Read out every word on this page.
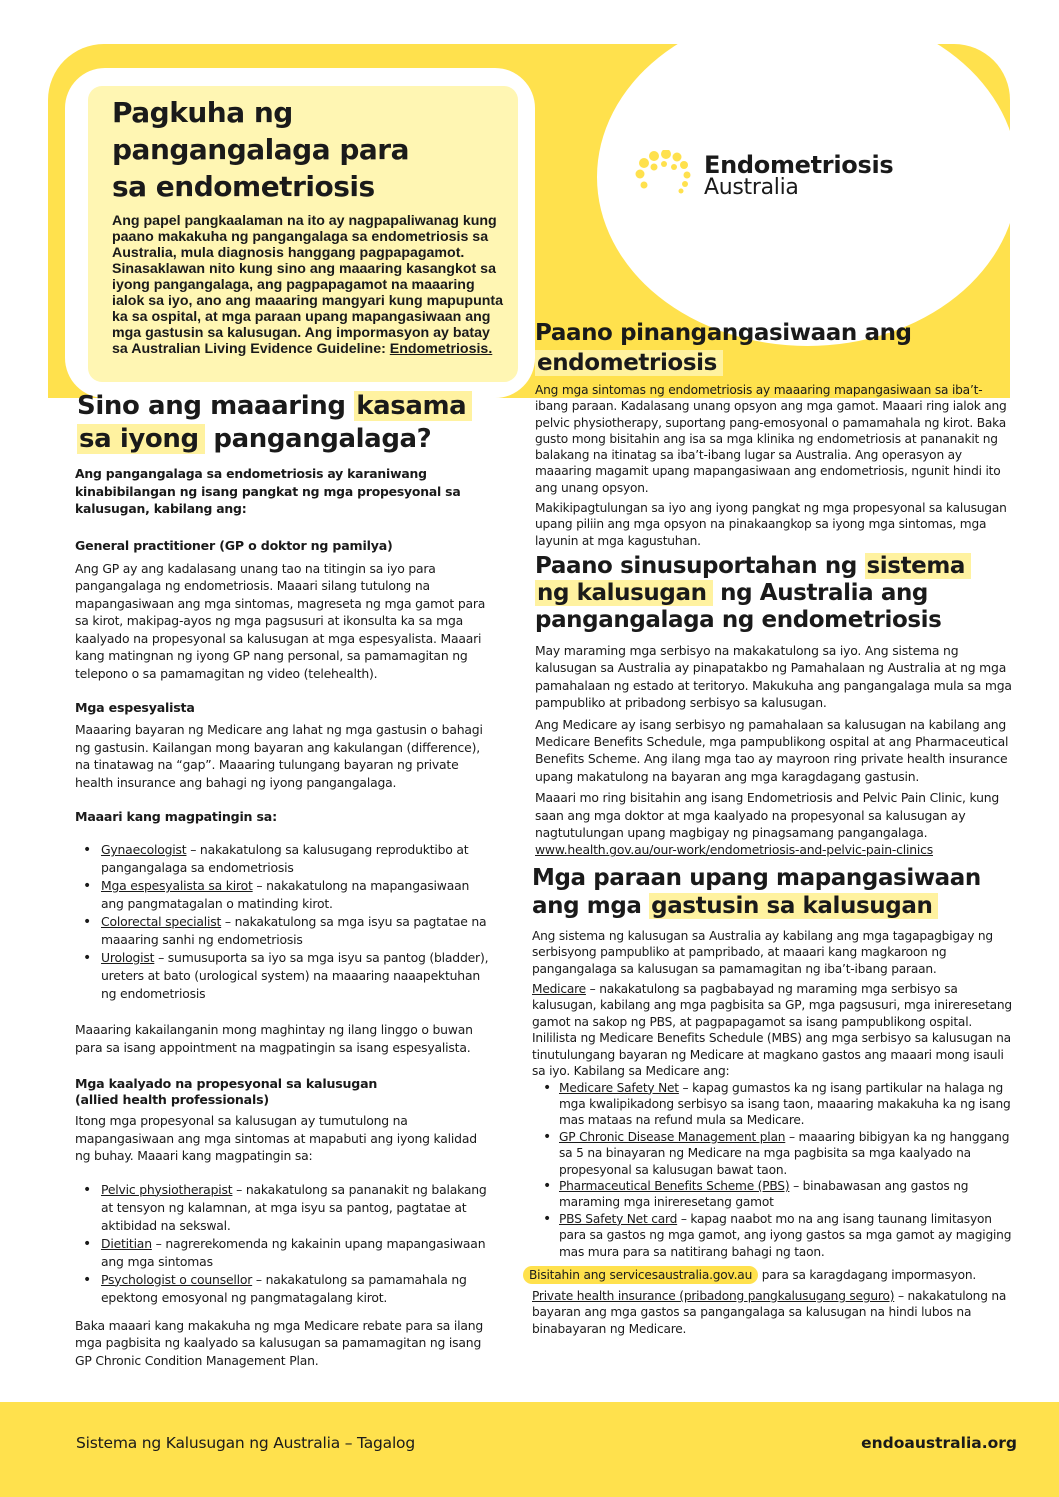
Pagkuha ng
pangangalaga para
sa endometriosis
Ang papel pangkaalaman na ito ay nagpapaliwanag kung paano makakuha ng pangangalaga sa endometriosis sa Australia, mula diagnosis hanggang pagpapagamot. Sinasaklawan nito kung sino ang maaaring kasangkot sa iyong pangangalaga, ang pagpapagamot na maaaring ialok sa iyo, ano ang maaaring mangyari kung mapupunta ka sa ospital, at mga paraan upang mapangasiwaan ang mga gastusin sa kalusugan. Ang impormasyon ay batay sa Australian Living Evidence Guideline: Endometriosis.
Endometriosis
Australia
Sino ang maaaring kasama
sa iyong pangangalaga?
Ang pangangalaga sa endometriosis ay karaniwang kinabibilangan ng isang pangkat ng mga propesyonal sa kalusugan, kabilang ang:
General practitioner (GP o doktor ng pamilya)
Ang GP ay ang kadalasang unang tao na titingin sa iyo para pangangalaga ng endometriosis. Maaari silang tutulong na mapangasiwaan ang mga sintomas, magreseta ng mga gamot para sa kirot, makipag-ayos ng mga pagsusuri at ikonsulta ka sa mga kaalyado na propesyonal sa kalusugan at mga espesyalista. Maaari kang matingnan ng iyong GP nang personal, sa pamamagitan ng telepono o sa pamamagitan ng video (telehealth).
Mga espesyalista
Maaaring bayaran ng Medicare ang lahat ng mga gastusin o bahagi ng gastusin. Kailangan mong bayaran ang kakulangan (difference), na tinatawag na “gap”. Maaaring tulungang bayaran ng private health insurance ang bahagi ng iyong pangangalaga.
Maaari kang magpatingin sa:
• Gynaecologist – nakakatulong sa kalusugang reproduktibo at pangangalaga sa endometriosis
• Mga espesyalista sa kirot – nakakatulong na mapangasiwaan ang pangmatagalan o matinding kirot.
• Colorectal specialist – nakakatulong sa mga isyu sa pagtatae na maaaring sanhi ng endometriosis
• Urologist – sumusuporta sa iyo sa mga isyu sa pantog (bladder), ureters at bato (urological system) na maaaring naaapektuhan ng endometriosis
Maaaring kakailanganin mong maghintay ng ilang linggo o buwan para sa isang appointment na magpatingin sa isang espesyalista.
Mga kaalyado na propesyonal sa kalusugan
(allied health professionals)
Itong mga propesyonal sa kalusugan ay tumutulong na mapangasiwaan ang mga sintomas at mapabuti ang iyong kalidad ng buhay. Maaari kang magpatingin sa:
• Pelvic physiotherapist – nakakatulong sa pananakit ng balakang at tensyon ng kalamnan, at mga isyu sa pantog, pagtatae at aktibidad na sekswal.
• Dietitian – nagrerekomenda ng kakainin upang mapangasiwaan ang mga sintomas
• Psychologist o counsellor – nakakatulong sa pamamahala ng epektong emosyonal ng pangmatagalang kirot.
Baka maaari kang makakuha ng mga Medicare rebate para sa ilang mga pagbisita ng kaalyado sa kalusugan sa pamamagitan ng isang GP Chronic Condition Management Plan.
Paano pinangangasiwaan ang
endometriosis
Ang mga sintomas ng endometriosis ay maaaring mapangasiwaan sa iba’t-ibang paraan. Kadalasang unang opsyon ang mga gamot. Maaari ring ialok ang pelvic physiotherapy, suportang pang-emosyonal o pamamahala ng kirot. Baka gusto mong bisitahin ang isa sa mga klinika ng endometriosis at pananakit ng balakang na itinatag sa iba’t-ibang lugar sa Australia. Ang operasyon ay maaaring magamit upang mapangasiwaan ang endometriosis, ngunit hindi ito ang unang opsyon.
Makikipagtulungan sa iyo ang iyong pangkat ng mga propesyonal sa kalusugan upang piliin ang mga opsyon na pinakaangkop sa iyong mga sintomas, mga layunin at mga kagustuhan.
Paano sinusuportahan ng sistema
ng kalusugan ng Australia ang
pangangalaga ng endometriosis
May maraming mga serbisyo na makakatulong sa iyo. Ang sistema ng kalusugan sa Australia ay pinapatakbo ng Pamahalaan ng Australia at ng mga pamahalaan ng estado at teritoryo. Makukuha ang pangangalaga mula sa mga pampubliko at pribadong serbisyo sa kalusugan.
Ang Medicare ay isang serbisyo ng pamahalaan sa kalusugan na kabilang ang Medicare Benefits Schedule, mga pampublikong ospital at ang Pharmaceutical Benefits Scheme. Ang ilang mga tao ay mayroon ring private health insurance upang makatulong na bayaran ang mga karagdagang gastusin.
Maaari mo ring bisitahin ang isang Endometriosis and Pelvic Pain Clinic, kung saan ang mga doktor at mga kaalyado na propesyonal sa kalusugan ay nagtutulungan upang magbigay ng pinagsamang pangangalaga. www.health.gov.au/our-work/endometriosis-and-pelvic-pain-clinics
Mga paraan upang mapangasiwaan
ang mga gastusin sa kalusugan
Ang sistema ng kalusugan sa Australia ay kabilang ang mga tagapagbigay ng serbisyong pampubliko at pampribado, at maaari kang magkaroon ng pangangalaga sa kalusugan sa pamamagitan ng iba’t-ibang paraan.
Medicare – nakakatulong sa pagbabayad ng maraming mga serbisyo sa kalusugan, kabilang ang mga pagbisita sa GP, mga pagsusuri, mga inireresetang gamot na sakop ng PBS, at pagpapagamot sa isang pampublikong ospital. Inililista ng Medicare Benefits Schedule (MBS) ang mga serbisyo sa kalusugan na tinutulungang bayaran ng Medicare at magkano gastos ang maaari mong isauli sa iyo. Kabilang sa Medicare ang:
• Medicare Safety Net – kapag gumastos ka ng isang partikular na halaga ng mga kwalipikadong serbisyo sa isang taon, maaaring makakuha ka ng isang mas mataas na refund mula sa Medicare.
• GP Chronic Disease Management plan – maaaring bibigyan ka ng hanggang sa 5 na binayaran ng Medicare na mga pagbisita sa mga kaalyado na propesyonal sa kalusugan bawat taon.
• Pharmaceutical Benefits Scheme (PBS) – binabawasan ang gastos ng maraming mga inireresetang gamot
• PBS Safety Net card – kapag naabot mo na ang isang taunang limitasyon para sa gastos ng mga gamot, ang iyong gastos sa mga gamot ay magiging mas mura para sa natitirang bahagi ng taon.
Bisitahin ang servicesaustralia.gov.au para sa karagdagang impormasyon.
Private health insurance (pribadong pangkalusugang seguro) – nakakatulong na bayaran ang mga gastos sa pangangalaga sa kalusugan na hindi lubos na binabayaran ng Medicare.
Sistema ng Kalusugan ng Australia – Tagalog	endoaustralia.org
